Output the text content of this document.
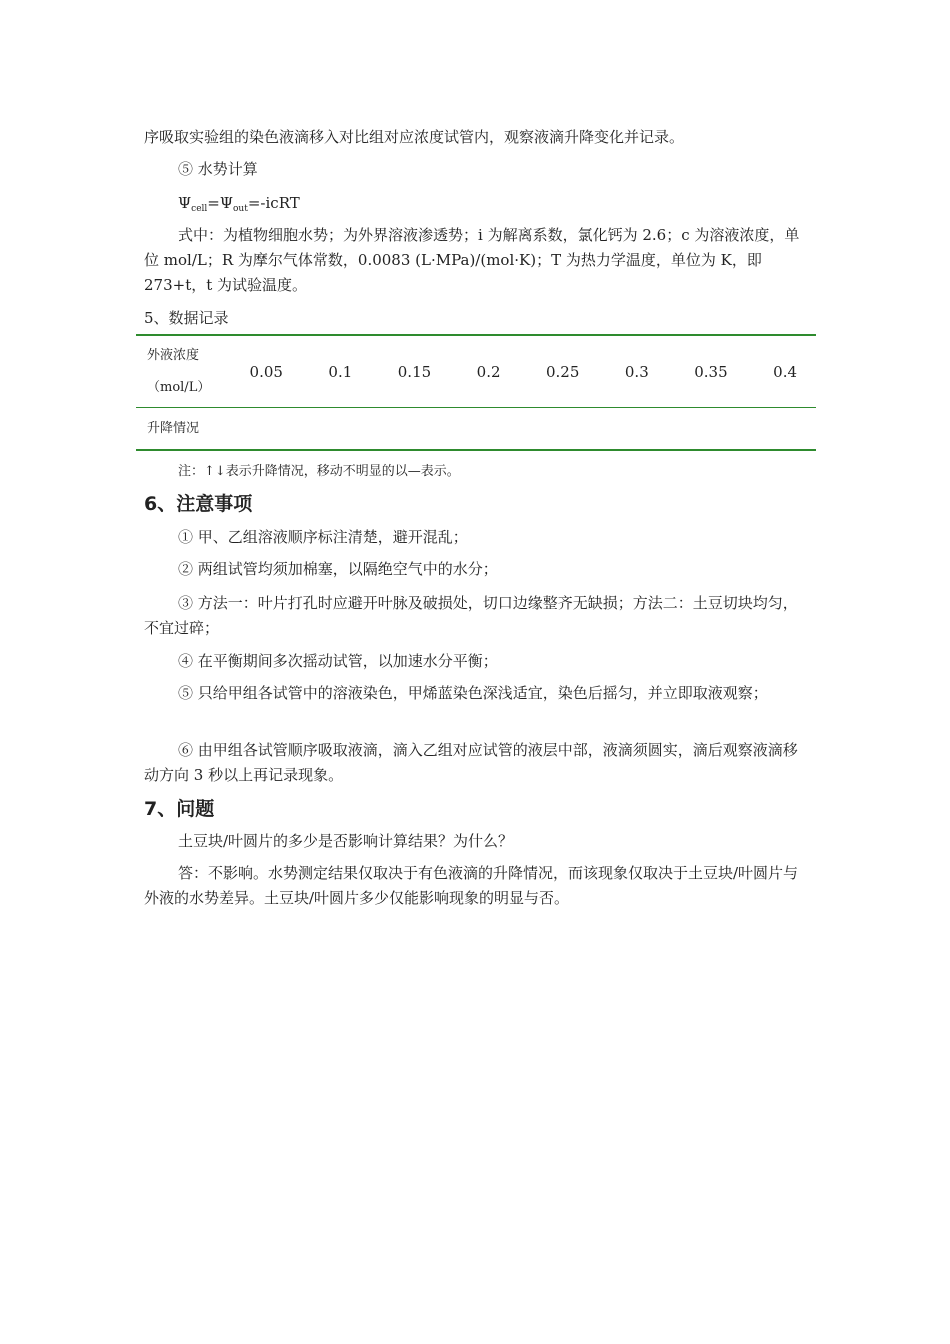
序吸取实验组的染色液滴移入对比组对应浓度试管内，观察液滴升降变化并记录。

⑤ 水势计算

$\Psi_{cell}=\Psi_{out}=$-icRT

式中：为植物细胞水势；为外界溶液渗透势；i 为解离系数，氯化钙为 2.6；c 为溶液浓度，单位 mol/L；R 为摩尔气体常数，0.0083 (L·MPa)/(mol·K)；T 为热力学温度，单位为 K，即 273+t，t 为试验温度。

5、数据记录

外液浓度
（mol/L）	0.05	0.1	0.15	0.2	0.25	0.3	0.35	0.4
升降情况								

注：↑↓表示升降情况，移动不明显的以—表示。

6、注意事项

① 甲、乙组溶液顺序标注清楚，避开混乱；

② 两组试管均须加棉塞，以隔绝空气中的水分；

③ 方法一：叶片打孔时应避开叶脉及破损处，切口边缘整齐无缺损；方法二：土豆切块均匀，不宜过碎；

④ 在平衡期间多次摇动试管，以加速水分平衡；

⑤ 只给甲组各试管中的溶液染色，甲烯蓝染色深浅适宜，染色后摇匀，并立即取液观察；

⑥ 由甲组各试管顺序吸取液滴，滴入乙组对应试管的液层中部，液滴须圆实，滴后观察液滴移动方向 3 秒以上再记录现象。

7、问题

土豆块/叶圆片的多少是否影响计算结果？为什么？

答：不影响。水势测定结果仅取决于有色液滴的升降情况，而该现象仅取决于土豆块/叶圆片与外液的水势差异。土豆块/叶圆片多少仅能影响现象的明显与否。
